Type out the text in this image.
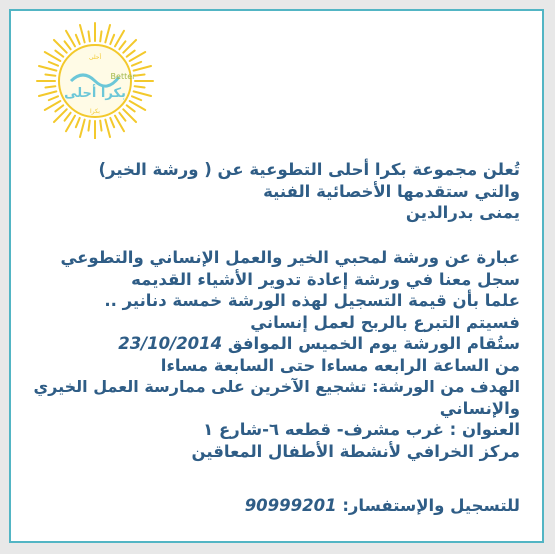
بكرا أحلى
Better
أحلى
بكرا
تُعلن مجموعة بكرا أحلى التطوعية عن ( ورشة الخير)
والتي ستقدمها الأخصائية الفنية
يمنى بدرالدين
عبارة عن ورشة لمحبي الخير والعمل الإنساني والتطوعي
سجل معنا في ورشة إعادة تدوير الأشياء القديمه
علما بأن قيمة التسجيل لهذه الورشة خمسة دنانير ..
فسيتم التبرع بالربح لعمل إنساني
ستُقام الورشة يوم الخميس الموافق 23/10/2014
من الساعة الرابعه مساءا حتى السابعة مساءا
الهدف من الورشة: تشجيع الآخرين على ممارسة العمل الخيري
والإنساني
العنوان : غرب مشرف- قطعه ٦-شارع ١
مركز الخرافي لأنشطة الأطفال المعاقين
للتسجيل والإستفسار: 90999201
